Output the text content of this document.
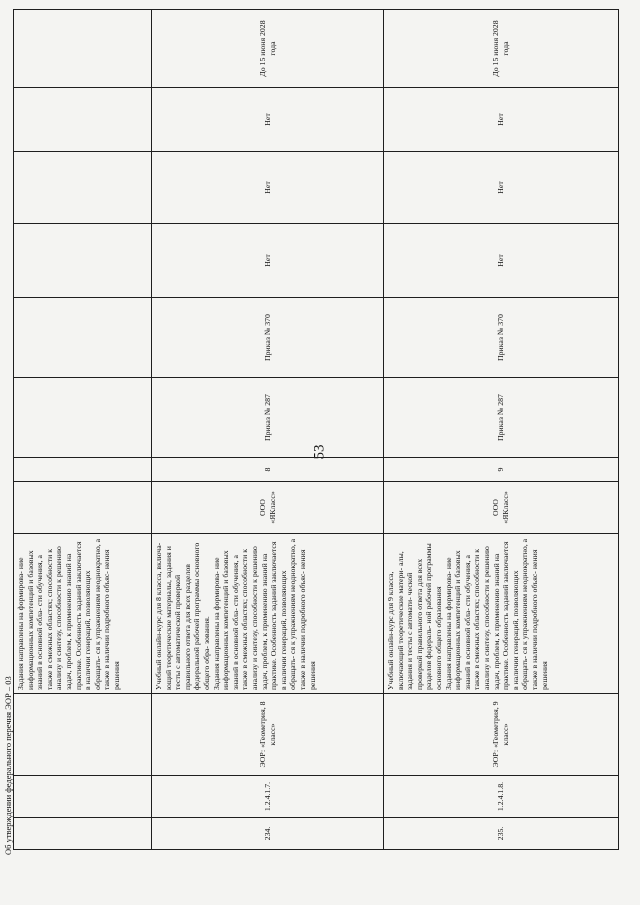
53

			Задания направлены на формирова- ние информационных компетенций и базовых знаний в основной обла- сти обучения, а также в смежных областях; способности к анализу и синтезу, способности к решению задач, проблем, к применению знаний на практике. Особенность заданий заключается в наличии генераций, позволяющих обращать- ся к упражнениям неоднократно, а также в наличии подробного объяс- нения решения								

234.	1.2.4.1.7.	ЭОР: «Геометрия, 8 класс»	Учебный онлайн-курс для 8 класса, включа- ющий теоретические материалы, задания и тесты с автоматической проверкой правильного ответа для всех разделов федеральной рабочей программы основного общего обра- зования. Задания направлены на формирова- ние информационных компетенций и базовых знаний в основной обла- сти обучения, а также в смежных областях; способности к анализу и синтезу, способности к решению задач, проблем, к применению знаний на практике. Особенность заданий заключается в наличии генераций, позволяющих обращать- ся к упражнениям неоднократно, а также в наличии подробного объяс- нения решения	ООО «ЯКласс»	8	Приказ № 287	Приказ № 370	Нет	Нет	Нет	До 15 июня 2028 года
235.	1.2.4.1.8.	ЭОР: «Геометрия, 9 класс»	Учебный онлайн-курс для 9 класса, включающий теоретические матери- алы, задания и тесты с автомати- ческой проверкой правильного ответа для всех разделов федераль- ной рабочей программы основного общего образования Задания направлены на формирова- ние информационных компетенций и базовых знаний в основной обла- сти обучения, а также в смежных областях; способности к анализу и синтезу, способности к решению задач, проблем, к применению знаний на практике. Особенность заданий заключается в наличии генераций, позволяющих обращать- ся к упражнениям неоднократно, а также в наличии подробного объяс- нения решения	ООО «ЯКласс»	9	Приказ № 287	Приказ № 370	Нет	Нет	Нет	До 15 июня 2028 года
Об утверждении федерального перечня ЭОР – 03
